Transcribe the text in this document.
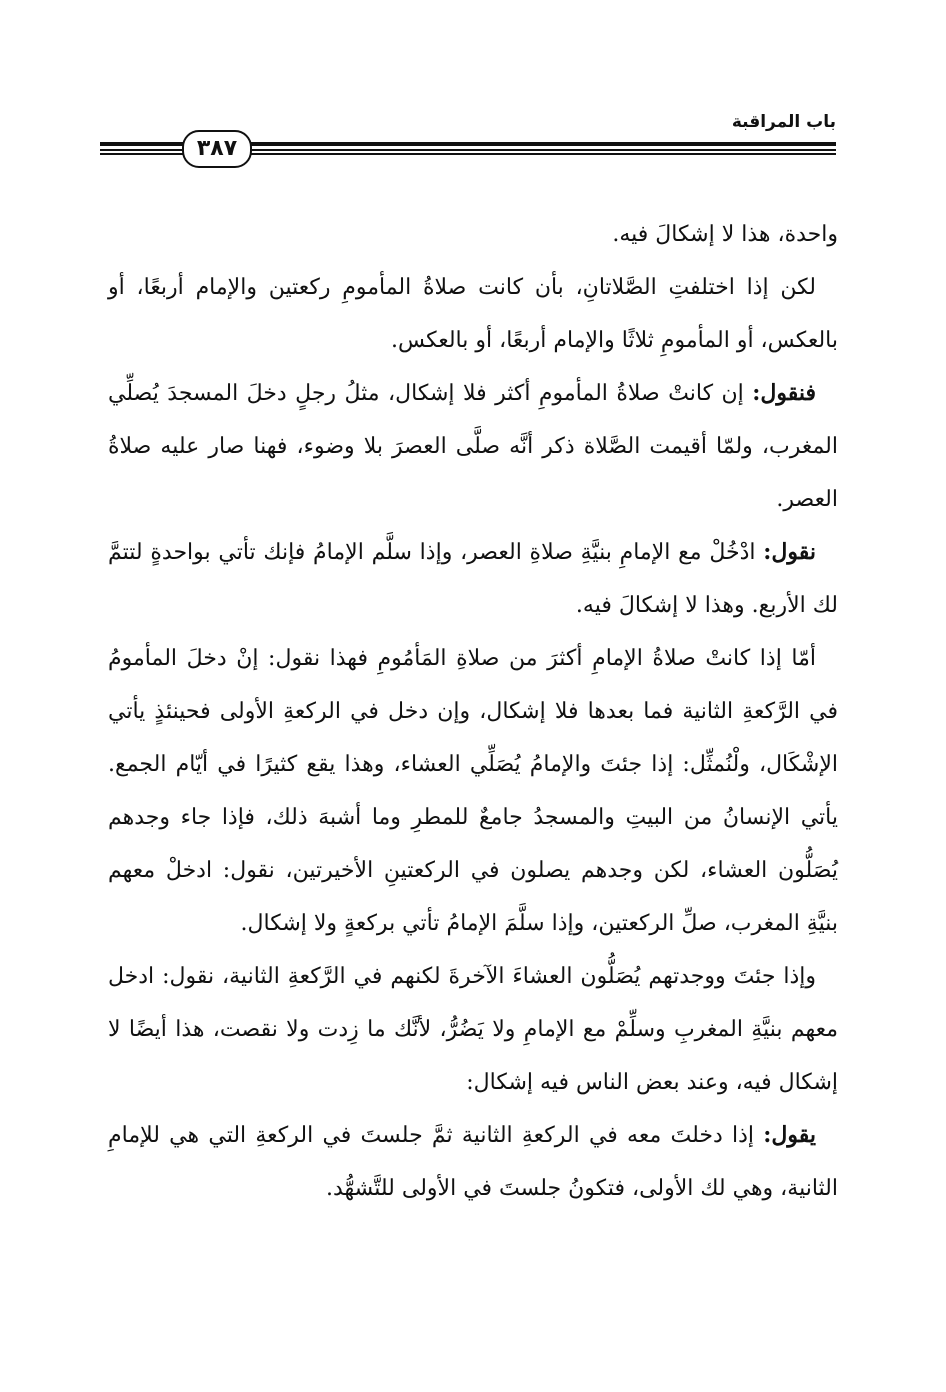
باب المراقبة
٣٨٧

واحدة، هذا لا إشكالَ فيه.

لكن إذا اختلفتِ الصَّلاتانِ، بأن كانت صلاةُ المأمومِ ركعتين والإمام أربعًا، أو بالعكس، أو المأمومِ ثلاثًا والإمام أربعًا، أو بالعكس.

فنقول: إن كانتْ صلاةُ المأمومِ أكثر فلا إشكال، مثلُ رجلٍ دخلَ المسجدَ يُصلِّي المغرب، ولمّا أقيمت الصَّلاة ذكر أنَّه صلَّى العصرَ بلا وضوء، فهنا صار عليه صلاةُ العصر.

نقول: ادْخُلْ مع الإمامِ بنيَّةِ صلاةِ العصر، وإذا سلَّم الإمامُ فإنك تأتي بواحدةٍ لتتمَّ لك الأربع. وهذا لا إشكالَ فيه.

أمّا إذا كانتْ صلاةُ الإمامِ أكثرَ من صلاةِ المَأمُومِ فهذا نقول: إنْ دخلَ المأمومُ في الرَّكعةِ الثانية فما بعدها فلا إشكال، وإن دخل في الركعةِ الأولى فحينئذٍ يأتي الإشْكَال، ولْنُمثِّل: إذا جئتَ والإمامُ يُصَلِّي العشاء، وهذا يقع كثيرًا في أيّام الجمع. يأتي الإنسانُ من البيتِ والمسجدُ جامعٌ للمطرِ وما أشبهَ ذلك، فإذا جاء وجدهم يُصَلُّون العشاء، لكن وجدهم يصلون في الركعتينِ الأخيرتين، نقول: ادخلْ معهم بنيَّةِ المغرب، صلِّ الركعتين، وإذا سلَّمَ الإمامُ تأتي بركعةٍ ولا إشكال.

وإذا جئتَ ووجدتهم يُصَلُّون العشاءَ الآخرةَ لكنهم في الرَّكعةِ الثانية، نقول: ادخل معهم بنيَّةِ المغربِ وسلِّمْ مع الإمامِ ولا يَضُرُّ، لأنَّك ما زِدت ولا نقصت، هذا أيضًا لا إشكال فيه، وعند بعض الناس فيه إشكال:

يقول: إذا دخلتَ معه في الركعةِ الثانية ثمَّ جلستَ في الركعةِ التي هي للإمامِ الثانية، وهي لك الأولى، فتكونُ جلستَ في الأولى للتَّشهُّد.
